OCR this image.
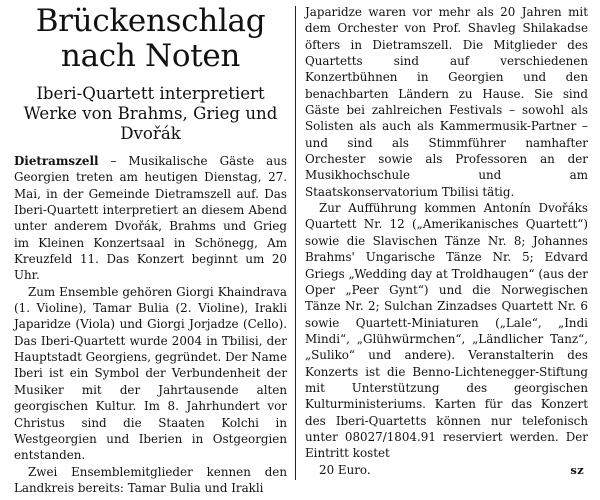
Brückenschlag
nach Noten
Iberi-Quartett interpretiert Werke von Brahms, Grieg und Dvořák

Dietramszell – Musikalische Gäste aus Georgien treten am heutigen Dienstag, 27. Mai, in der Gemeinde Dietramszell auf. Das Iberi-Quartett interpretiert an diesem Abend unter anderem Dvořák, Brahms und Grieg im Kleinen Konzertsaal in Schönegg, Am Kreuzfeld 11. Das Konzert beginnt um 20 Uhr.

Zum Ensemble gehören Giorgi Khaindrava (1. Violine), Tamar Bulia (2. Violine), Irakli Japaridze (Viola) und Giorgi Jorjadze (Cello). Das Iberi-Quartett wurde 2004 in Tbilisi, der Hauptstadt Georgiens, gegründet. Der Name Iberi ist ein Symbol der Verbundenheit der Musiker mit der Jahrtausende alten georgischen Kultur. Im 8. Jahrhundert vor Christus sind die Staaten Kolchi in Westgeorgien und Iberien in Ostgeorgien entstanden.

Zwei Ensemblemitglieder kennen den Landkreis bereits: Tamar Bulia und Irakli

Japaridze waren vor mehr als 20 Jahren mit dem Orchester von Prof. Shavleg Shilakadse öfters in Dietramszell. Die Mitglieder des Quartetts sind auf verschiedenen Konzertbühnen in Georgien und den benachbarten Ländern zu Hause. Sie sind Gäste bei zahlreichen Festivals – sowohl als Solisten als auch als Kammermusik-Partner – und sind als Stimmführer namhafter Orchester sowie als Professoren an der Musikhochschule und am Staatskonservatorium Tbilisi tätig.

Zur Aufführung kommen Antonín Dvořáks Quartett Nr. 12 („Amerikanisches Quartett“) sowie die Slavischen Tänze Nr. 8; Johannes Brahms' Ungarische Tänze Nr. 5; Edvard Griegs „Wedding day at Troldhaugen“ (aus der Oper „Peer Gynt“) und die Norwegischen Tänze Nr. 2; Sulchan Zinzadses Quartett Nr. 6 sowie Quartett-Miniaturen („Lale“, „Indi Mindi“, „Glühwürmchen“, „Ländlicher Tanz“, „Suliko“ und andere). Veranstalterin des Konzerts ist die Benno-Lichtenegger-Stiftung mit Unterstützung des georgischen Kulturministeriums. Karten für das Konzert des Iberi-Quartetts können nur telefonisch unter 08027/1804.91 reserviert werden. Der Eintritt kostet

20 Euro.	sz
